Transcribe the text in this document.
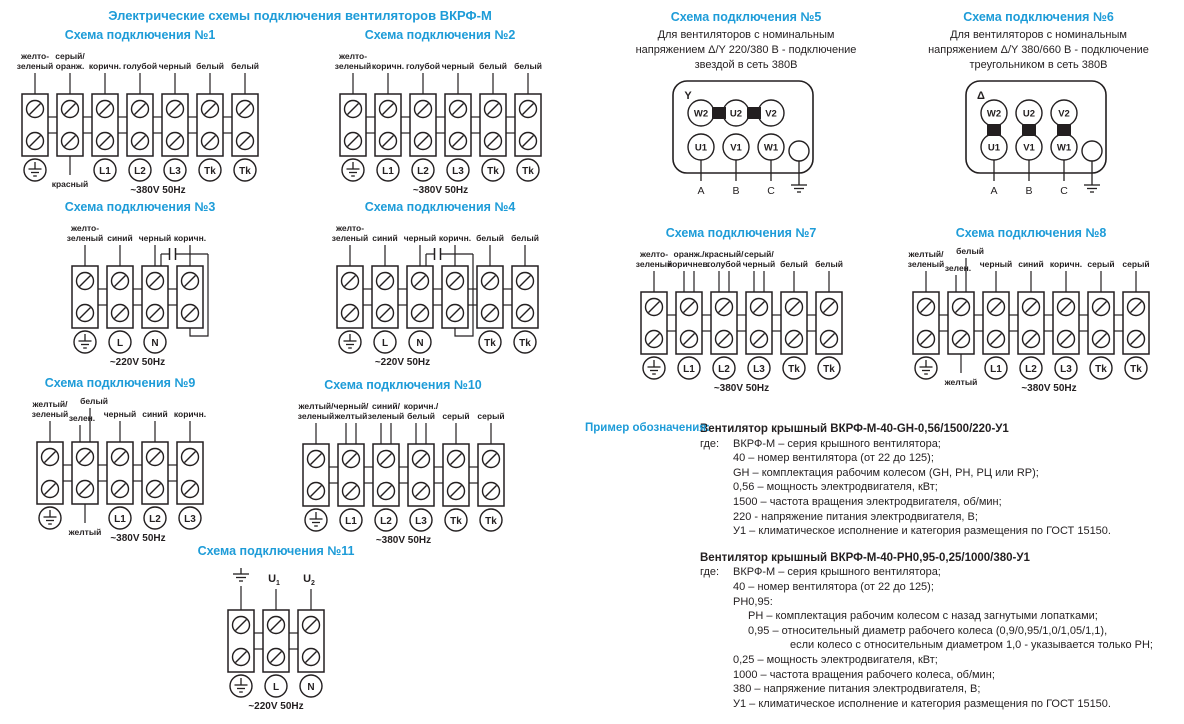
Электрические схемы подключения вентиляторов ВКРФ-М
Схема подключения №1
желто-
зеленый
серый/
оранж.
красный
коричн.
L1
голубой
L2
черный
L3
белый
Tk
белый
Tk
~380V 50Hz
Схема подключения №2
желто-
зеленый коричн.
L1
голубой
L2
черный
L3
белый
Tk
белый
Tk
~380V 50Hz
Схема подключения №3
желто-
зеленый синий
L
черный
N
коричн.
~220V 50Hz
Схема подключения №4
желто-
зеленый синий
L
черный
N
коричн. белый
Tk
белый
Tk
~220V 50Hz
Схема подключения №5
Для вентиляторов с номинальным
напряжением Δ/Y 220/380 В - подключение
звездой в сеть 380В
Y
W2 U2 V2
U1
A
V1
B
W1
C
Схема подключения №6
Для вентиляторов с номинальным
напряжением Δ/Y 380/660 В - подключение
треугольником в сеть 380В
Δ
W2 U2 V2
U1
A
V1
B
W1
C
Схема подключения №7
желто-
зеленый
оранж./
коричнев.
L1
красный/
голубой
L2
серый/
черный
L3
белый
Tk
белый
Tk
~380V 50Hz
Схема подключения №8
желтый/
зеленый
белый
зелен.
желтый
черный
L1
синий
L2
коричн.
L3
серый
Tk
серый
Tk
~380V 50Hz
Схема подключения №9
желтый/
зеленый
белый
зелен.
желтый
черный
L1
синий
L2
коричн.
L3
~380V 50Hz
Схема подключения №10
желтый/
зеленый
черный/
желтый
L1
синий/
зеленый
L2
коричн./
белый
L3
серый
Tk
серый
Tk
~380V 50Hz
Схема подключения №11
$U_1$
L
$U_2$
N
~220V 50Hz
Пример обозначения:
Вентилятор крышный ВКРФ-М-40-GH-0,56/1500/220-У1
где: ВКРФ-М – серия крышного вентилятора;
40 – номер вентилятора (от 22 до 125);
GH – комплектация рабочим колесом (GH, РН, РЦ или RP);
0,56 – мощность электродвигателя, кВт;
1500 – частота вращения электродвигателя, об/мин;
220 - напряжение питания электродвигателя, В;
У1 – климатическое исполнение и категория размещения по ГОСТ 15150.
Вентилятор крышный ВКРФ-М-40-РН0,95-0,25/1000/380-У1
где: ВКРФ-М – серия крышного вентилятора;
40 – номер вентилятора (от 22 до 125);
РН0,95:
РН – комплектация рабочим колесом с назад загнутыми лопатками;
0,95 – относительный диаметр рабочего колеса (0,9/0,95/1,0/1,05/1,1),
если колесо с относительным диаметром 1,0 - указывается только РН;
0,25 – мощность электродвигателя, кВт;
1000 – частота вращения рабочего колеса, об/мин;
380 – напряжение питания электродвигателя, В;
У1 – климатическое исполнение и категория размещения по ГОСТ 15150.
